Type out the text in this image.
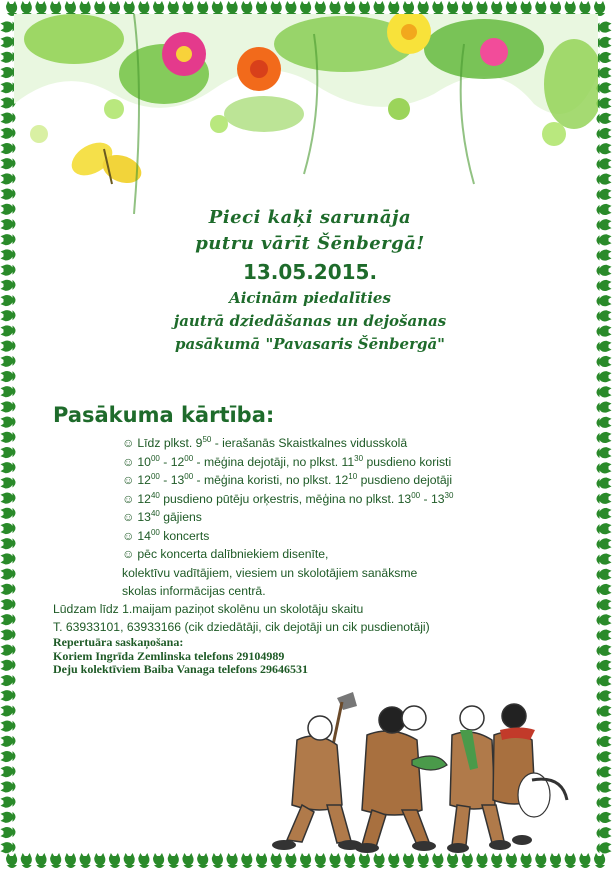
Pieci kaķi sarunāja
putru vārīt Šēnbergā!
13.05.2015.
Aicinām piedalīties
jautrā dziedāšanas un dejošanas
pasākumā "Pavasaris Šēnbergā"
Pasākuma kārtība:
☺ Līdz plkst. $9^{50}$ - ierašanās Skaistkalnes vidusskolā
☺ $10^{00} - 12^{00}$ - mēģina dejotāji, no plkst. $11^{30}$ pusdieno koristi
☺ $12^{00} - 13^{00}$ - mēģina koristi, no plkst. $12^{10}$ pusdieno dejotāji
☺ $12^{40}$ pusdieno pūtēju orķestris, mēģina no plkst. $13^{00} - 13^{30}$
☺ $13^{40}$ gājiens
☺ $14^{00}$ koncerts
☺ pēc koncerta dalībniekiem disenīte,
kolektīvu vadītājiem, viesiem un skolotājiem sanāksme
skolas informācijas centrā.
Lūdzam līdz 1.maijam paziņot skolēnu un skolotāju skaitu
T. 63933101, 63933166 (cik dziedātāji, cik dejotāji un cik pusdienotāji)
Repertuāra saskaņošana:
Koriem Ingrīda Zemlinska telefons 29104989
Deju kolektīviem Baiba Vanaga telefons 29646531
